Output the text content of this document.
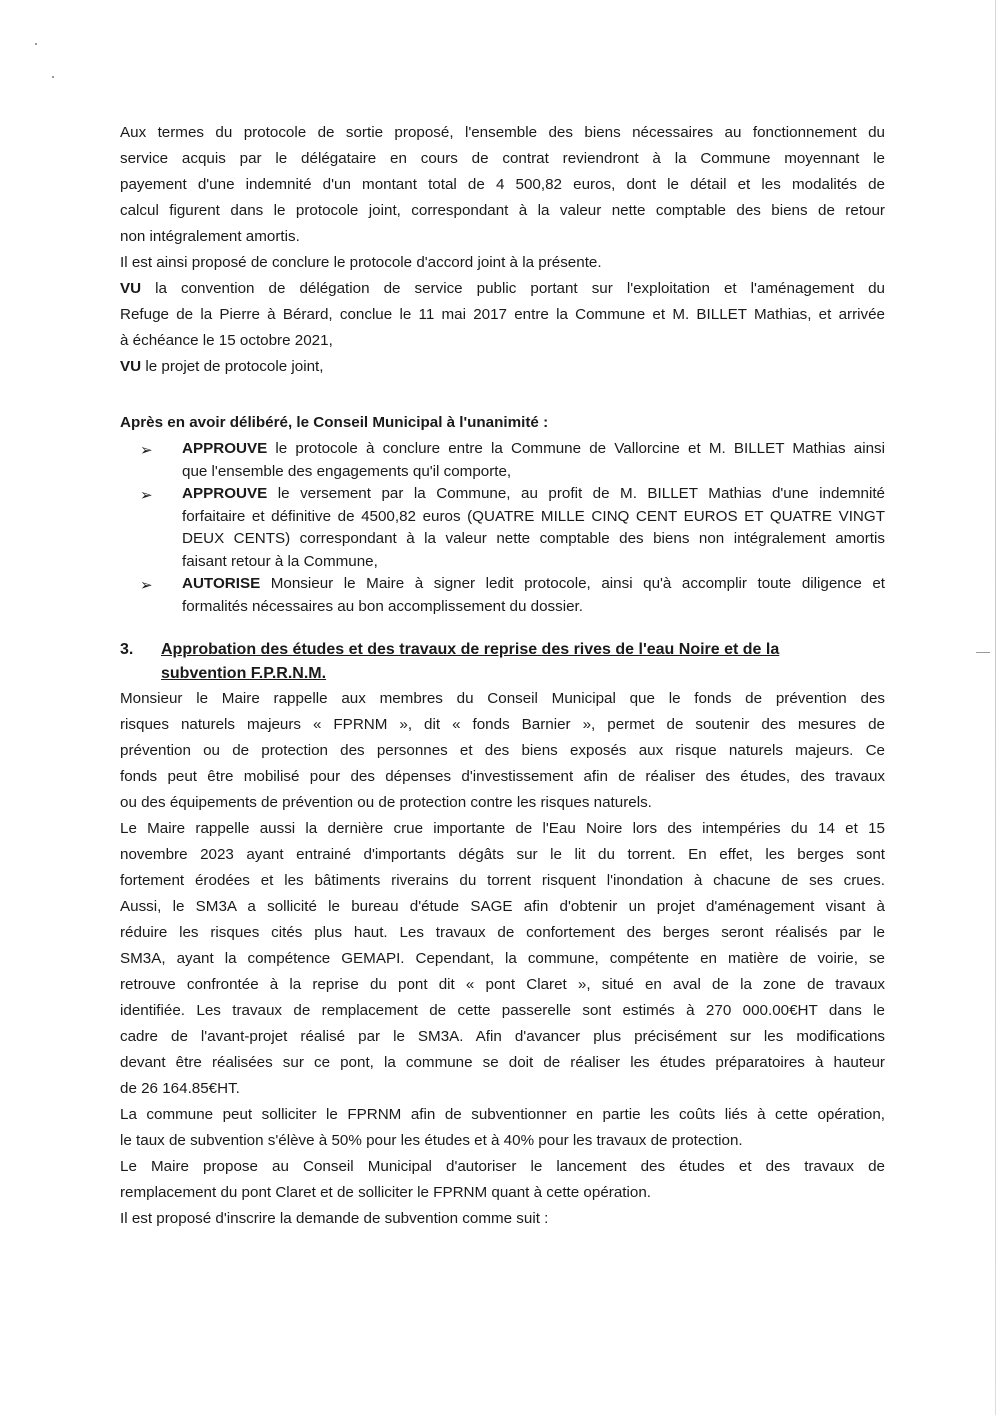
Aux termes du protocole de sortie proposé, l'ensemble des biens nécessaires au fonctionnement du

service acquis par le délégataire en cours de contrat reviendront à la Commune moyennant le

payement d'une indemnité d'un montant total de 4 500,82 euros, dont le détail et les modalités de

calcul figurent dans le protocole joint, correspondant à la valeur nette comptable des biens de retour

non intégralement amortis.

Il est ainsi proposé de conclure le protocole d'accord joint à la présente.

VU la convention de délégation de service public portant sur l'exploitation et l'aménagement du

Refuge de la Pierre à Bérard, conclue le 11 mai 2017 entre la Commune et M. BILLET Mathias, et arrivée

à échéance le 15 octobre 2021,

VU le projet de protocole joint,

Après en avoir délibéré, le Conseil Municipal à l'unanimité :

➢ APPROUVE le protocole à conclure entre la Commune de Vallorcine et M. BILLET Mathias ainsi

que l'ensemble des engagements qu'il comporte,

➢ APPROUVE le versement par la Commune, au profit de M. BILLET Mathias d'une indemnité

forfaitaire et définitive de 4500,82 euros (QUATRE MILLE CINQ CENT EUROS ET QUATRE VINGT

DEUX CENTS) correspondant à la valeur nette comptable des biens non intégralement amortis

faisant retour à la Commune,

➢ AUTORISE Monsieur le Maire à signer ledit protocole, ainsi qu'à accomplir toute diligence et

formalités nécessaires au bon accomplissement du dossier.

3.	Approbation des études et des travaux de reprise des rives de l'eau Noire et de la
subvention F.P.R.N.M.

Monsieur le Maire rappelle aux membres du Conseil Municipal que le fonds de prévention des

risques naturels majeurs « FPRNM », dit « fonds Barnier », permet de soutenir des mesures de

prévention ou de protection des personnes et des biens exposés aux risque naturels majeurs. Ce

fonds peut être mobilisé pour des dépenses d'investissement afin de réaliser des études, des travaux

ou des équipements de prévention ou de protection contre les risques naturels.

Le Maire rappelle aussi la dernière crue importante de l'Eau Noire lors des intempéries du 14 et 15

novembre 2023 ayant entrainé d'importants dégâts sur le lit du torrent. En effet, les berges sont

fortement érodées et les bâtiments riverains du torrent risquent l'inondation à chacune de ses crues.

Aussi, le SM3A a sollicité le bureau d'étude SAGE afin d'obtenir un projet d'aménagement visant à

réduire les risques cités plus haut. Les travaux de confortement des berges seront réalisés par le

SM3A, ayant la compétence GEMAPI. Cependant, la commune, compétente en matière de voirie, se

retrouve confrontée à la reprise du pont dit « pont Claret », situé en aval de la zone de travaux

identifiée. Les travaux de remplacement de cette passerelle sont estimés à 270 000.00€HT dans le

cadre de l'avant-projet réalisé par le SM3A. Afin d'avancer plus précisément sur les modifications

devant être réalisées sur ce pont, la commune se doit de réaliser les études préparatoires à hauteur

de 26 164.85€HT.

La commune peut solliciter le FPRNM afin de subventionner en partie les coûts liés à cette opération,

le taux de subvention s'élève à 50% pour les études et à 40% pour les travaux de protection.

Le Maire propose au Conseil Municipal d'autoriser le lancement des études et des travaux de

remplacement du pont Claret et de solliciter le FPRNM quant à cette opération.

Il est proposé d'inscrire la demande de subvention comme suit :
